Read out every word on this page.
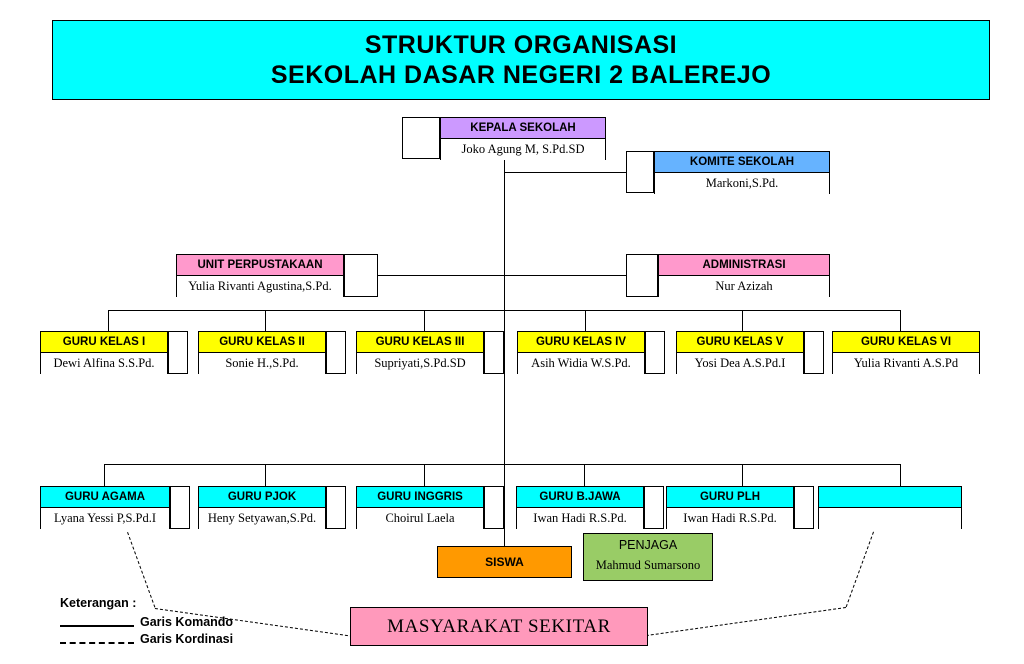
STRUKTUR ORGANISASI
SEKOLAH DASAR NEGERI 2 BALEREJO
KEPALA SEKOLAH
Joko Agung M, S.Pd.SD
KOMITE SEKOLAH
Markoni,S.Pd.
UNIT PERPUSTAKAAN
Yulia Rivanti Agustina,S.Pd.
ADMINISTRASI
Nur Azizah
GURU KELAS I
Dewi Alfina S.S.Pd.
GURU KELAS II
Sonie H.,S.Pd.
GURU KELAS III
Supriyati,S.Pd.SD
GURU KELAS IV
Asih Widia W.S.Pd.
GURU KELAS V
Yosi Dea A.S.Pd.I
GURU KELAS VI
Yulia Rivanti A.S.Pd
GURU AGAMA
Lyana Yessi P,S.Pd.I
GURU PJOK
Heny Setyawan,S.Pd.
GURU INGGRIS
Choirul Laela
GURU B.JAWA
Iwan Hadi R.S.Pd.
GURU PLH
Iwan Hadi R.S.Pd.
SISWA
PENJAGA
Mahmud Sumarsono
MASYARAKAT SEKITAR
Keterangan :
Garis Komando
Garis Kordinasi
